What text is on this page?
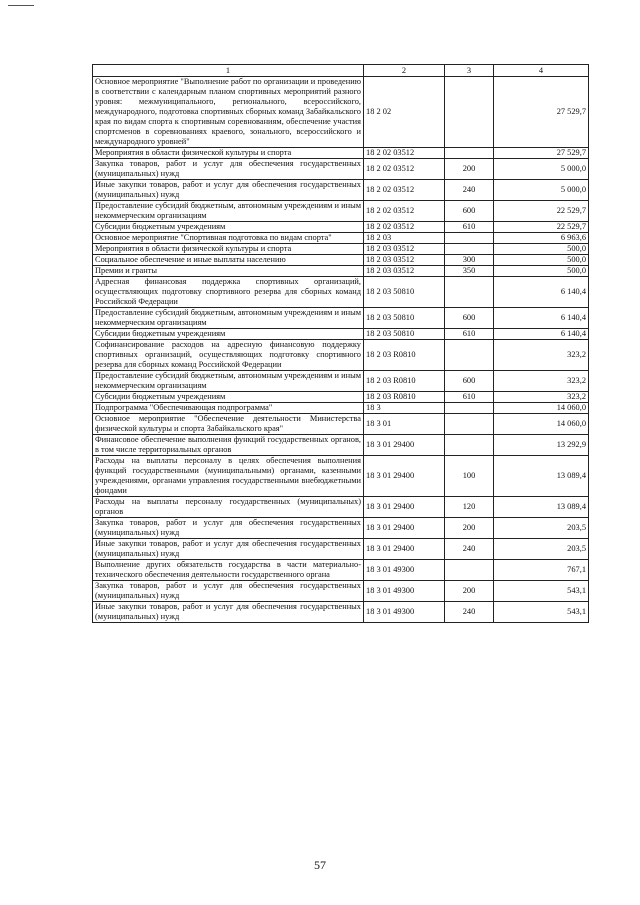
1	2	3	4
Основное мероприятие "Выполнение работ по организации и проведению в соответствии с календарным планом спортивных мероприятий разного уровня: межмуниципального, регионального, всероссийского, международного, подготовка спортивных сборных команд Забайкальского края по видам спорта к спортивным соревнованиям, обеспечение участия спортсменов в соревнованиях краевого, зонального, всероссийского и международного уровней"	18 2 02		27 529,7
Мероприятия в области физической культуры и спорта	18 2 02 03512		27 529,7
Закупка товаров, работ и услуг для обеспечения государственных (муниципальных) нужд	18 2 02 03512	200	5 000,0
Иные закупки товаров, работ и услуг для обеспечения государственных (муниципальных) нужд	18 2 02 03512	240	5 000,0
Предоставление субсидий бюджетным, автономным учреждениям и иным некоммерческим организациям	18 2 02 03512	600	22 529,7
Субсидии бюджетным учреждениям	18 2 02 03512	610	22 529,7
Основное мероприятие "Спортивная подготовка по видам спорта"	18 2 03		6 963,6
Мероприятия в области физической культуры и спорта	18 2 03 03512		500,0
Социальное обеспечение и иные выплаты населению	18 2 03 03512	300	500,0
Премии и гранты	18 2 03 03512	350	500,0
Адресная финансовая поддержка спортивных организаций, осуществляющих подготовку спортивного резерва для сборных команд Российской Федерации	18 2 03 50810		6 140,4
Предоставление субсидий бюджетным, автономным учреждениям и иным некоммерческим организациям	18 2 03 50810	600	6 140,4
Субсидии бюджетным учреждениям	18 2 03 50810	610	6 140,4
Софинансирование расходов на адресную финансовую поддержку спортивных организаций, осуществляющих подготовку спортивного резерва для сборных команд Российской Федерации	18 2 03 R0810		323,2
Предоставление субсидий бюджетным, автономным учреждениям и иным некоммерческим организациям	18 2 03 R0810	600	323,2
Субсидии бюджетным учреждениям	18 2 03 R0810	610	323,2
Подпрограмма "Обеспечивающая подпрограмма"	18 3		14 060,0
Основное мероприятие "Обеспечение деятельности Министерства физической культуры и спорта Забайкальского края"	18 3 01		14 060,0
Финансовое обеспечение выполнения функций государственных органов, в том числе территориальных органов	18 3 01 29400		13 292,9
Расходы на выплаты персоналу в целях обеспечения выполнения функций государственными (муниципальными) органами, казенными учреждениями, органами управления государственными внебюджетными фондами	18 3 01 29400	100	13 089,4
Расходы на выплаты персоналу государственных (муниципальных) органов	18 3 01 29400	120	13 089,4
Закупка товаров, работ и услуг для обеспечения государственных (муниципальных) нужд	18 3 01 29400	200	203,5
Иные закупки товаров, работ и услуг для обеспечения государственных (муниципальных) нужд	18 3 01 29400	240	203,5
Выполнение других обязательств государства в части материально-технического обеспечения деятельности государственного органа	18 3 01 49300		767,1
Закупка товаров, работ и услуг для обеспечения государственных (муниципальных) нужд	18 3 01 49300	200	543,1
Иные закупки товаров, работ и услуг для обеспечения государственных (муниципальных) нужд	18 3 01 49300	240	543,1
57
